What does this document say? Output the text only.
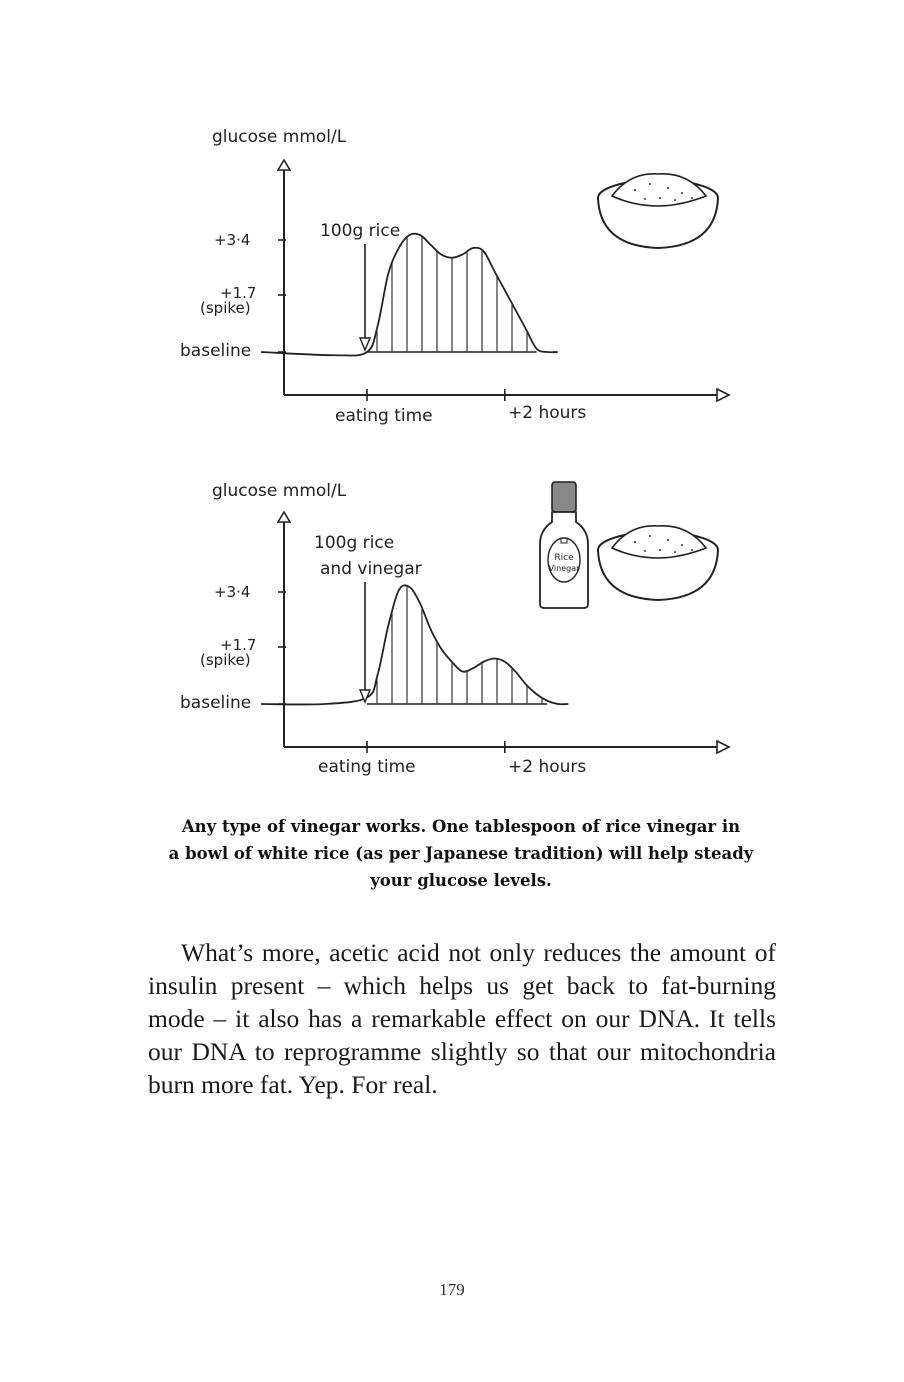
glucose mmol/L
+3·4
+1.7
(spike)
baseline
eating time	+2 hours
100g rice
glucose mmol/L
+3·4
+1.7
(spike)
baseline
eating time	+2 hours
100g rice
and vinegar
Rice
Vinegar

Any type of vinegar works. One tablespoon of rice vinegar in
a bowl of white rice (as per Japanese tradition) will help steady
your glucose levels.

What’s more, acetic acid not only reduces the amount of insulin present – which helps us get back to fat-burning mode – it also has a remarkable effect on our DNA. It tells our DNA to reprogramme slightly so that our mitochondria burn more fat. Yep. For real.

179
